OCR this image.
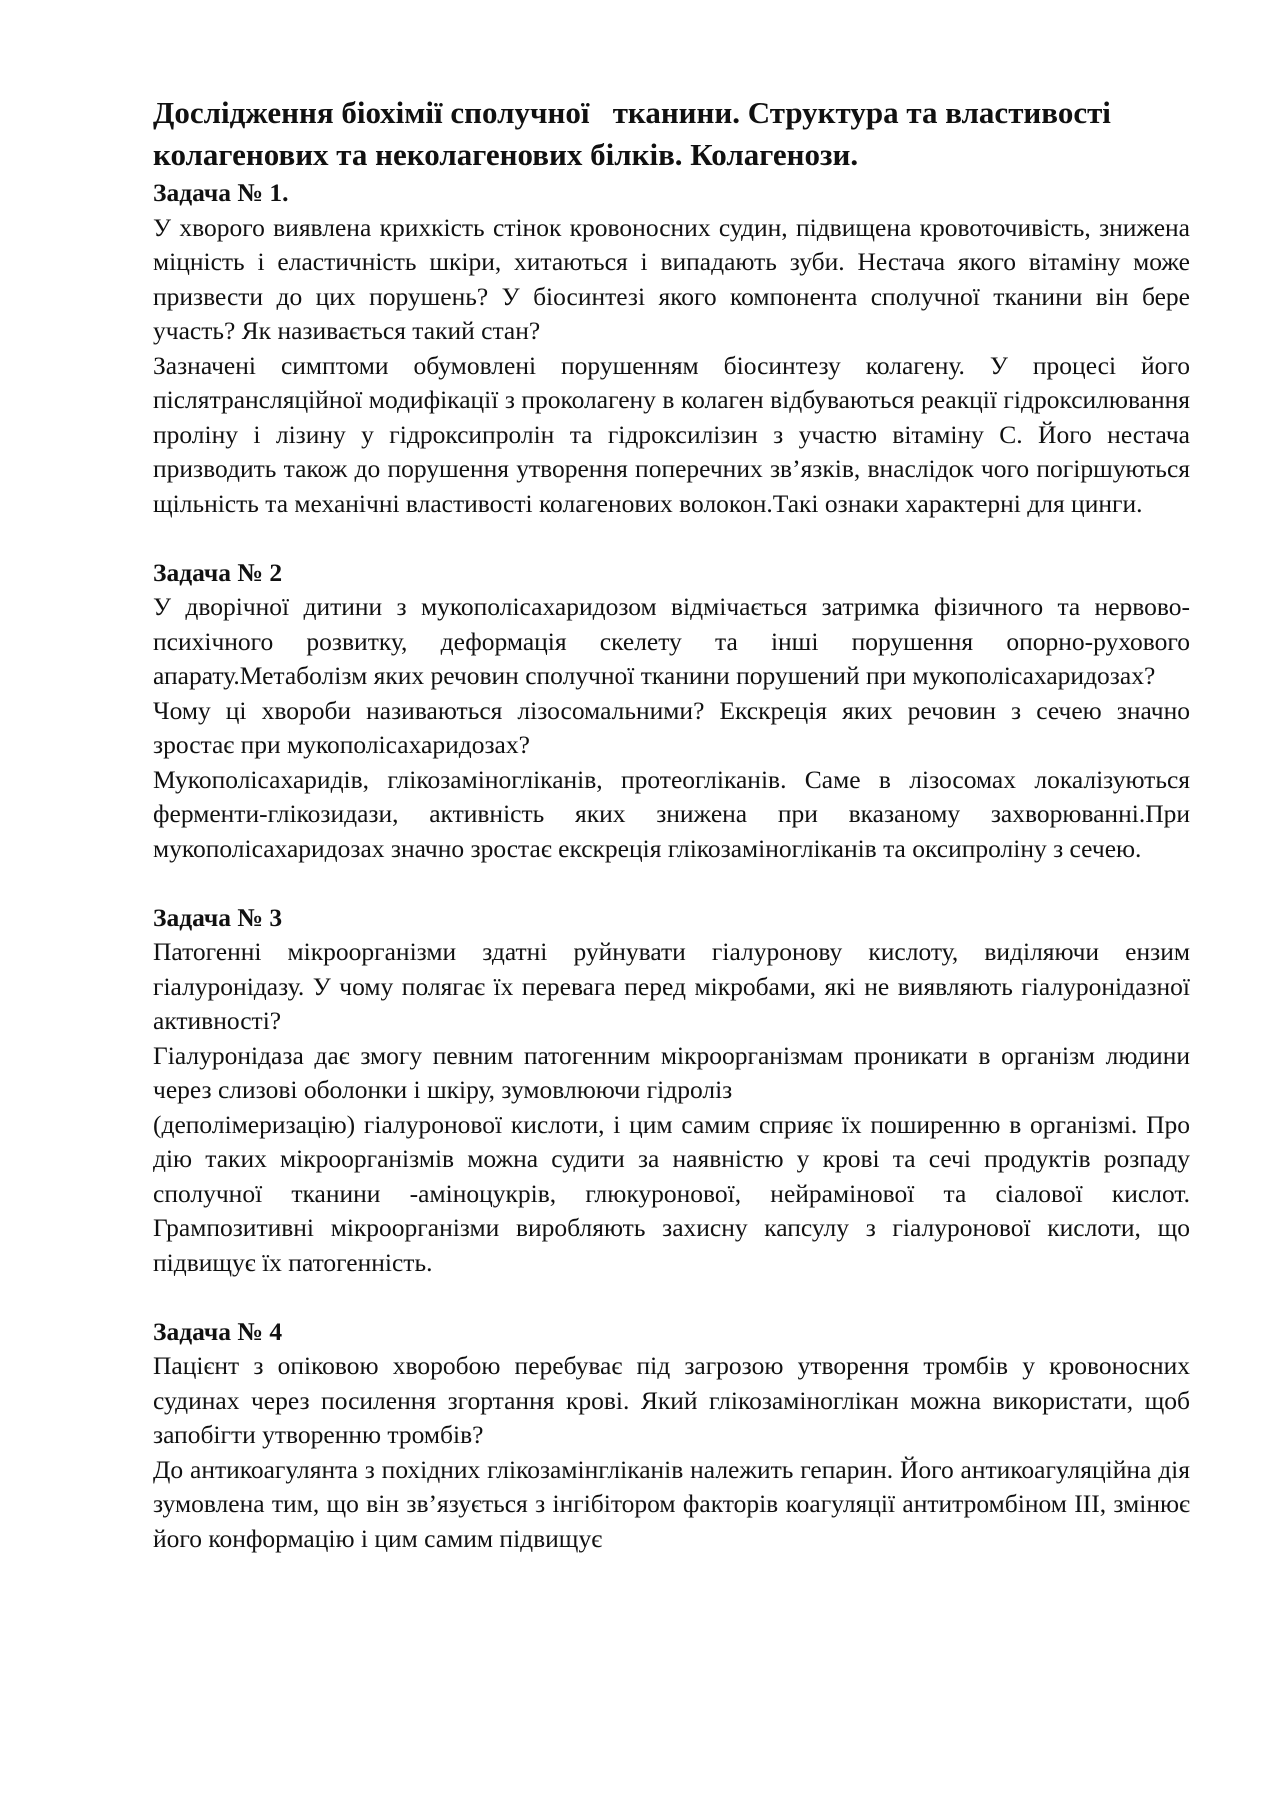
Дослідження біохімії сполучної   тканини. Структура та властивості колагенових та неколагенових білків. Колагенози.

Задача № 1.

У хворого виявлена крихкість стінок кровоносних судин, підвищена кровоточивість, знижена міцність і еластичність шкіри, хитаються і випадають зуби. Нестача якого вітаміну може призвести до цих порушень? У біосинтезі якого компонента сполучної тканини він бере участь? Як називається такий стан?

Зазначені симптоми обумовлені порушенням біосинтезу колагену. У процесі його післятрансляційної модифікації з проколагену в колаген відбуваються реакції гідроксилювання проліну і лізину у гідроксипролін та гідроксилізин з участю вітаміну С. Його нестача призводить також до порушення утворення поперечних зв’язків, внаслідок чого погіршуються щільність та механічні властивості колагенових волокон.Такі ознаки характерні для цинги.

Задача № 2

У дворічної дитини з мукополісахаридозом відмічається затримка фізичного та нервово-психічного розвитку, деформація скелету та інші порушення опорно-рухового апарату.Метаболізм яких речовин сполучної тканини порушений при мукополісахаридозах?

Чому ці хвороби називаються лізосомальними? Екскреція яких речовин з сечею значно зростає при мукополісахаридозах?

Мукополісахаридів, глікозаміногліканів, протеогліканів. Саме в лізосомах локалізуються ферменти-глікозидази, активність яких знижена при вказаному захворюванні.При мукополісахаридозах значно зростає екскреція глікозаміногліканів та оксипроліну з сечею.

Задача № 3

Патогенні мікроорганізми здатні руйнувати гіалуронову кислоту, виділяючи ензим гіалуронідазу. У чому полягає їх перевага перед мікробами, які не виявляють гіалуронідазної активності?

Гіалуронідаза дає змогу певним патогенним мікроорганізмам проникати в організм людини через слизові оболонки і шкіру, зумовлюючи гідроліз

(деполімеризацію) гіалуронової кислоти, і цим самим сприяє їх поширенню в організмі. Про дію таких мікроорганізмів можна судити за наявністю у крові та сечі продуктів розпаду сполучної тканини -аміноцукрів, глюкуронової, нейрамінової та сіалової кислот. Грампозитивні мікроорганізми виробляють захисну капсулу з гіалуронової кислоти, що підвищує їх патогенність.

Задача № 4

Пацієнт з опіковою хворобою перебуває під загрозою утворення тромбів у кровоносних судинах через посилення згортання крові. Який глікозаміноглікан можна використати, щоб запобігти утворенню тромбів?

До антикоагулянта з похідних глікозамінгліканів належить гепарин. Його антикоагуляційна дія зумовлена тим, що він зв’язується з інгібітором факторів коагуляції антитромбіном III, змінює його конформацію і цим самим підвищує
